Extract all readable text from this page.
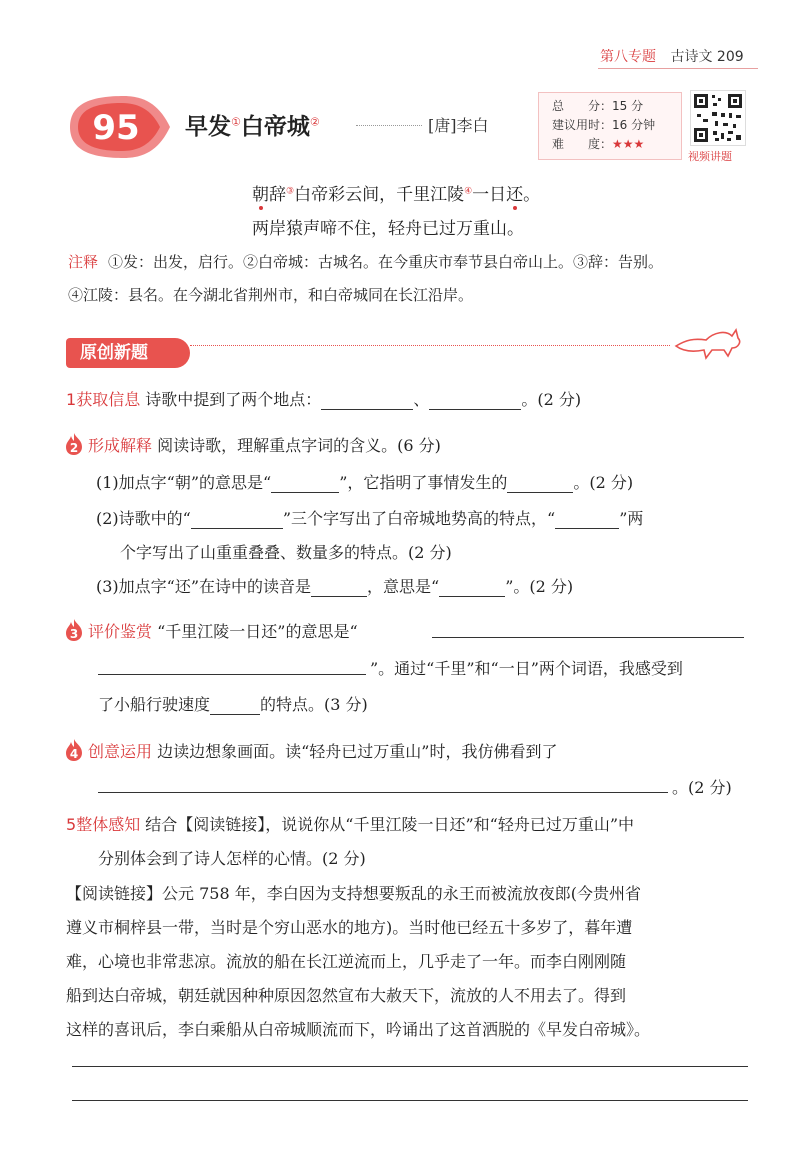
第八专题 古诗文 209
95 早发①白帝城②	[唐]李白
总　　分：15 分
建议用时：16 分钟
难　　度：★★★
视频讲题
朝辞③白帝彩云间，千里江陵④一日还。
两岸猿声啼不住，轻舟已过万重山。
注释 ①发：出发，启行。②白帝城：古城名。在今重庆市奉节县白帝山上。③辞：告别。
④江陵：县名。在今湖北省荆州市，和白帝城同在长江沿岸。
原创新题
1获取信息 诗歌中提到了两个地点：	、	。(2 分)
2 形成解释 阅读诗歌，理解重点字词的含义。(6 分)
(1)加点字“朝”的意思是“	”，它指明了事情发生的	。(2 分)
(2)诗歌中的“	”三个字写出了白帝城地势高的特点，“	”两
个字写出了山重重叠叠、数量多的特点。(2 分)
(3)加点字“还”在诗中的读音是	，意思是“	”。(2 分)
3 评价鉴赏 “千里江陵一日还”的意思是“
”。通过“千里”和“一日”两个词语，我感受到
了小船行驶速度	的特点。(3 分)
4 创意运用 边读边想象画面。读“轻舟已过万重山”时，我仿佛看到了
。(2 分)
5整体感知 结合【阅读链接】，说说你从“千里江陵一日还”和“轻舟已过万重山”中
分别体会到了诗人怎样的心情。(2 分)
【阅读链接】公元 758 年，李白因为支持想要叛乱的永王而被流放夜郎(今贵州省
遵义市桐梓县一带，当时是个穷山恶水的地方)。当时他已经五十多岁了，暮年遭
难，心境也非常悲凉。流放的船在长江逆流而上，几乎走了一年。而李白刚刚随
船到达白帝城，朝廷就因种种原因忽然宣布大赦天下，流放的人不用去了。得到
这样的喜讯后，李白乘船从白帝城顺流而下，吟诵出了这首洒脱的《早发白帝城》。
